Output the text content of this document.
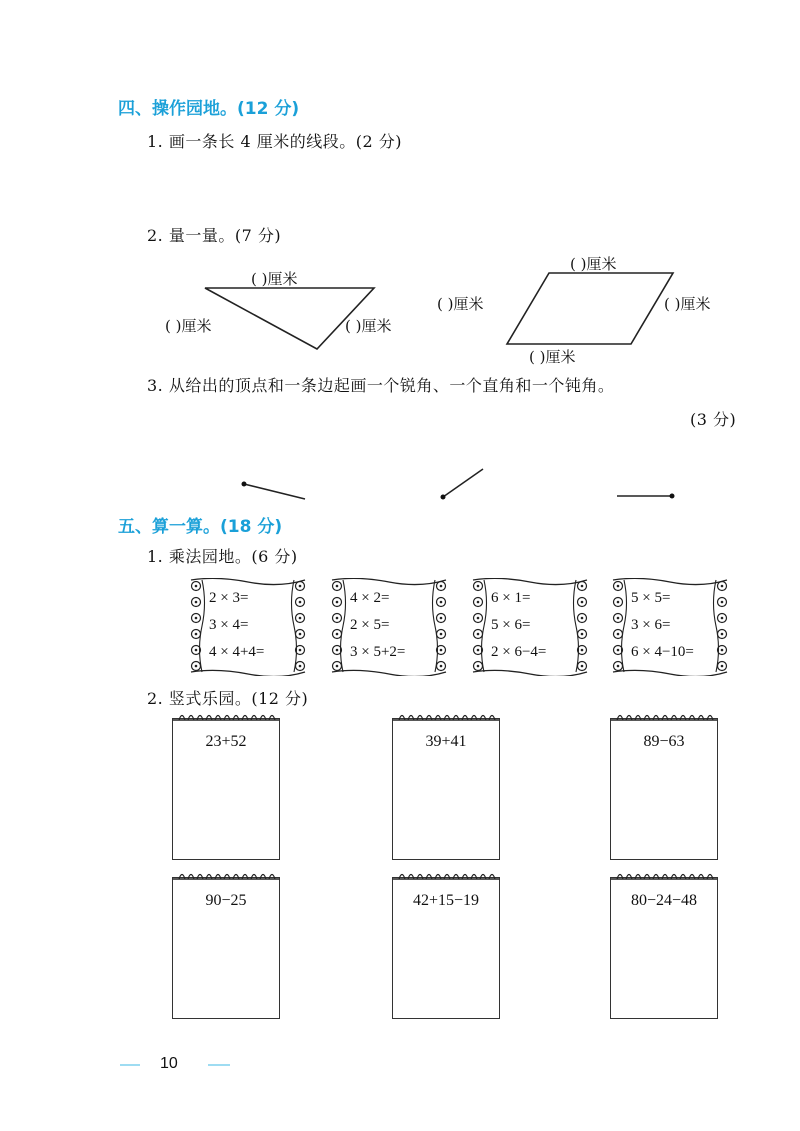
四、操作园地。(12 分)
1. 画一条长 4 厘米的线段。(2 分)
2. 量一量。(7 分)
( )厘米
( )厘米	( )厘米
( )厘米
( )厘米	( )厘米
( )厘米
3. 从给出的顶点和一条边起画一个锐角、一个直角和一个钝角。
(3 分)
五、算一算。(18 分)
1. 乘法园地。(6 分)
2 × 3=
3 × 4=
4 × 4+4=
4 × 2=
2 × 5=
3 × 5+2=
6 × 1=
5 × 6=
2 × 6−4=
5 × 5=
3 × 6=
6 × 4−10=
2. 竖式乐园。(12 分)
23+52	39+41	89−63
90−25	42+15−19	80−24−48
10
